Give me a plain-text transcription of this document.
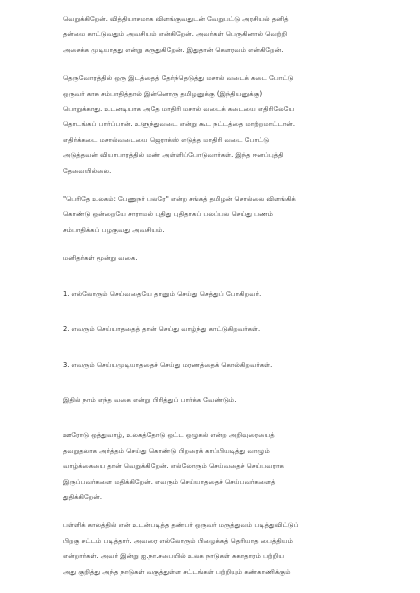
வெறுக்கிறேன். வித்தியாசமாக விளங்குவதுடன் வேறுபட்டு அரசியல் தனித்
தன்மை காட்டுவதும் அவசியம் என்கிறேன். அவர்கள் பெருகினால் வெற்றி
அசைக்க முடியாதது என்று கருதுகிறேன். இதுதான் கௌரவம் என்கிறேன்.

தெருவோரத்தில் ஒரு இடத்தைத் தேர்ந்தெடுத்து மசால் வடைக் கடை போட்டு
ஒருவர் காசு சம்பாதித்தால் இன்னொரு தமிழனுக்கு (இந்தியனுக்கு)
பொறுக்காது. உடனடியாக அதே மாதிரி மசால் வடைக் கடையை எதிரிலேயே
தொடங்கப் பார்ப்பான். உளுந்துவடை என்று கூட நட்டத்தை மாற்றமாட்டான்.
எதிர்க்கடை மசால்வடையை ஜெராக்ஸ் எடுத்த மாதிரி வடை போட்டு
அடுத்தவன் வியாபாரத்தில் மண் அள்ளிப்போடுவார்கள். இந்த ஈனப்புத்தி
தேவையில்லை.

"பெரிதே உலகம்: பேணுநர் பலரே" என்ற சங்கத் தமிழன் சொல்லை விளங்கிக்
கொண்டு ஒன்றையே சாராமல் புதிது புதிதாகப் பலப்பல செய்து பணம்
சம்பாதிக்கப் பழகுவது அவசியம்.

மனிதர்கள் மூன்று வகை.

1. எல்லோரும் செய்வதையே தானும் செய்து செத்துப் போகிறவர்.

2. எவரும் செய்யாததைத் தான் செய்து வாழ்ந்து காட்டுகிறவர்கள்.

3. எவரும் செய்யமுடியாததைச் செய்து மரணத்தைக் கொல்கிறவர்கள்.

இதில் நாம் எந்த வகை என்று பிரித்துப் பார்க்க வேண்டும்.

ஊரோடு ஒத்துவாழ், உலகத்தோடு ஒட்ட ஒழுகல் என்ற அறிவுரையைத்
தவறுதலாக அர்த்தம் செய்து கொண்டு பிறரைக் காப்பியடித்து வாழும்
வாழ்க்கையை தான் வெறுக்கிறேன். எல்லோரும் செய்வதைச் செய்பவராக
இருப்பவர்களை மதிக்கிறேன். எவரும் செய்யாததைச் செய்பவர்களைத்
துதிக்கிறேன்.

பள்ளிக் காலத்தில் என் உடன்படித்த தண்பர் ஒருவர் மருத்துவம் படித்துவிட்டுப்
பிறகு சட்டம் படித்தார். அவரை எல்லோரும் பிழைக்கத் தெரியாத பைத்தியம்
என்றார்கள். அவர் இன்று ஐ.நா.சபையில் உலக நாடுகள் சுகாதாரம் பற்றிய
அது குறித்து அந்த நாடுகள் வகுத்துள்ள சட்டங்கள் பற்றியும் கண்காணிக்கும்
